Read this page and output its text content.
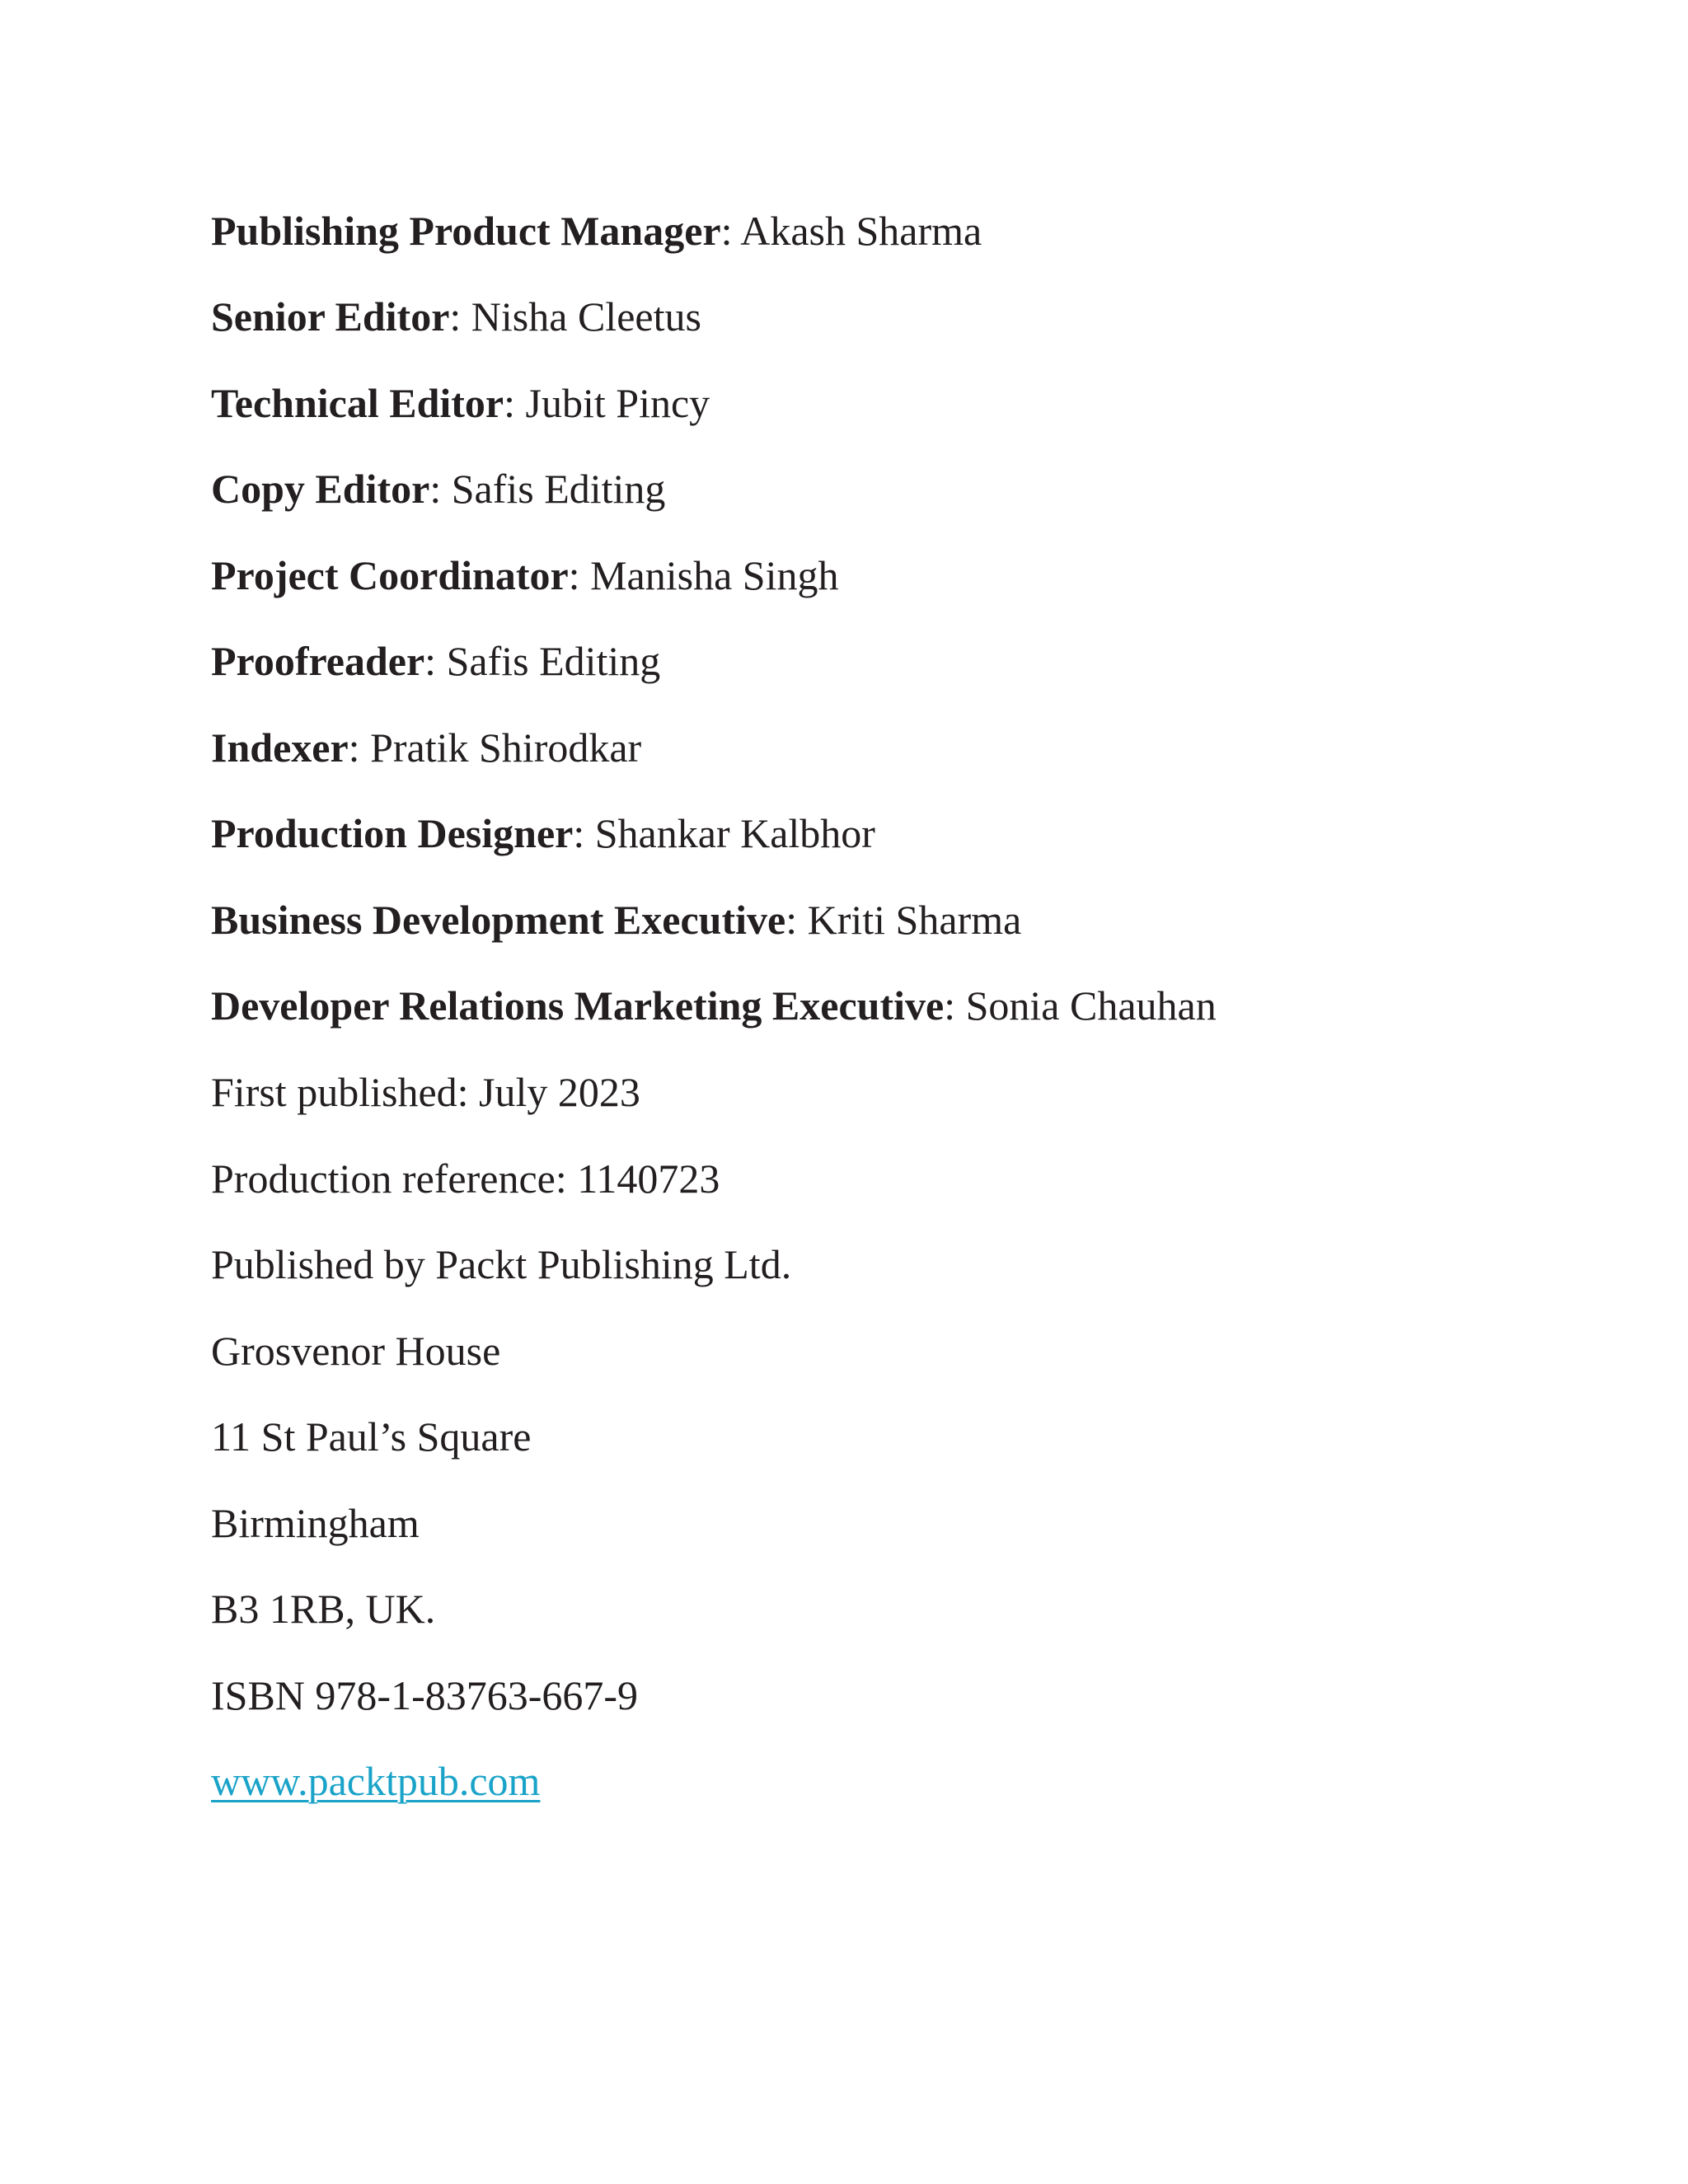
Publishing Product Manager: Akash Sharma

Senior Editor: Nisha Cleetus

Technical Editor: Jubit Pincy

Copy Editor: Safis Editing

Project Coordinator: Manisha Singh

Proofreader: Safis Editing

Indexer: Pratik Shirodkar

Production Designer: Shankar Kalbhor

Business Development Executive: Kriti Sharma

Developer Relations Marketing Executive: Sonia Chauhan

First published: July 2023

Production reference: 1140723

Published by Packt Publishing Ltd.

Grosvenor House

11 St Paul’s Square

Birmingham

B3 1RB, UK.

ISBN 978-1-83763-667-9

www.packtpub.com
